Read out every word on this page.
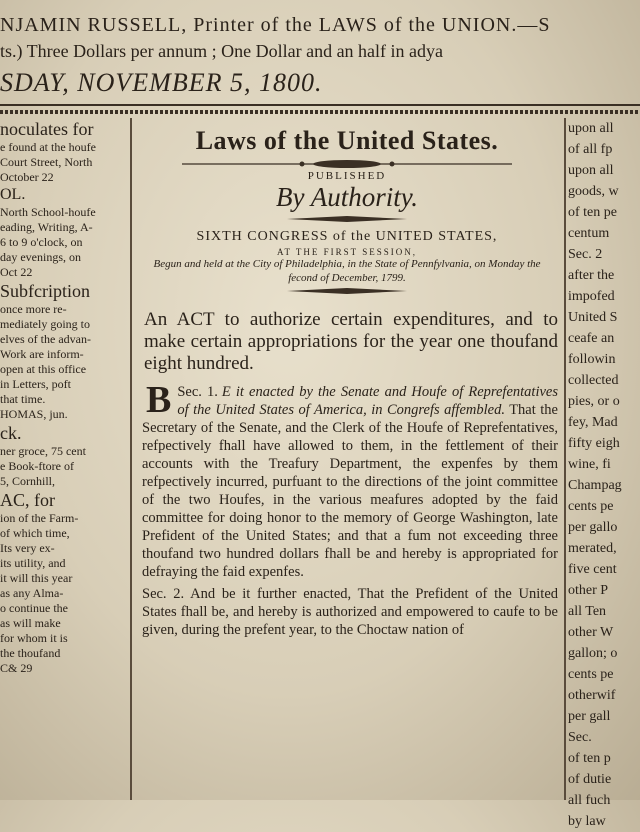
NJAMIN RUSSELL, Printer of the LAWS of the UNION.—S
ts.) Three Dollars per annum ; One Dollar and an half in adya
SDAY, NOVEMBER 5, 1800.
noculates for
e found at the houfe
Court Street, North
October 22
OL.
North School-houfe
eading, Writing, A-
6 to 9 o'clock, on
day evenings, on
Oct 22
Subfcription
once more re-
mediately going to
elves of the advan-
Work are inform-
open at this office
in Letters, poft
that time.
HOMAS, jun.
ck.
ner groce, 75 cent
e Book-ftore of
5, Cornhill,
AC, for
ion of the Farm-
of which time,
Its very ex-
its utility, and
it will this year
as any Alma-
o continue the
as will make
for whom it is
the thoufand
C& 29
Laws of the United States.
PUBLISHED
By Authority.
SIXTH CONGRESS of the UNITED STATES,
AT THE FIRST SESSION,
Begun and held at the City of Philadelphia, in the State of Pennfylvania, on Monday the fecond of December, 1799.
An ACT to authorize certain expenditures, and to make certain appropriations for the year one thoufand eight hundred.
Sec. 1.
B	E it enacted by the Senate and Houfe of Reprefentatives of the United States of America, in Congrefs affembled. That the Secretary of the Senate, and the Clerk of the Houfe of Reprefentatives, refpectively fhall have allowed to them, in the fettlement of their accounts with the Treafury Department, the expenfes by them refpectively incurred, purfuant to the directions of the joint committee of the two Houfes, in the various meafures adopted by the faid committee for doing honor to the memory of George Washington, late Prefident of the United States; and that a fum not exceeding three thoufand two hundred dollars fhall be and hereby is appropriated for defraying the faid expenfes.
Sec. 2. And be it further enacted, That the Prefident of the United States fhall be, and hereby is authorized and empowered to caufe to be given, during the prefent year, to the Choctaw nation of
upon all
of all fp
upon all
goods, w
of ten pe
centum
Sec. 2
after the
impofed
United S
ceafe an
followin
collected
pies, or o
fey, Mad
fifty eigh
wine, fi
Champag
cents pe
per gallo
merated,
five cent
other P
all Ten
other W
gallon; o
cents pe
otherwif
per gall
Sec.
of ten p
of dutie
all fuch
by law
